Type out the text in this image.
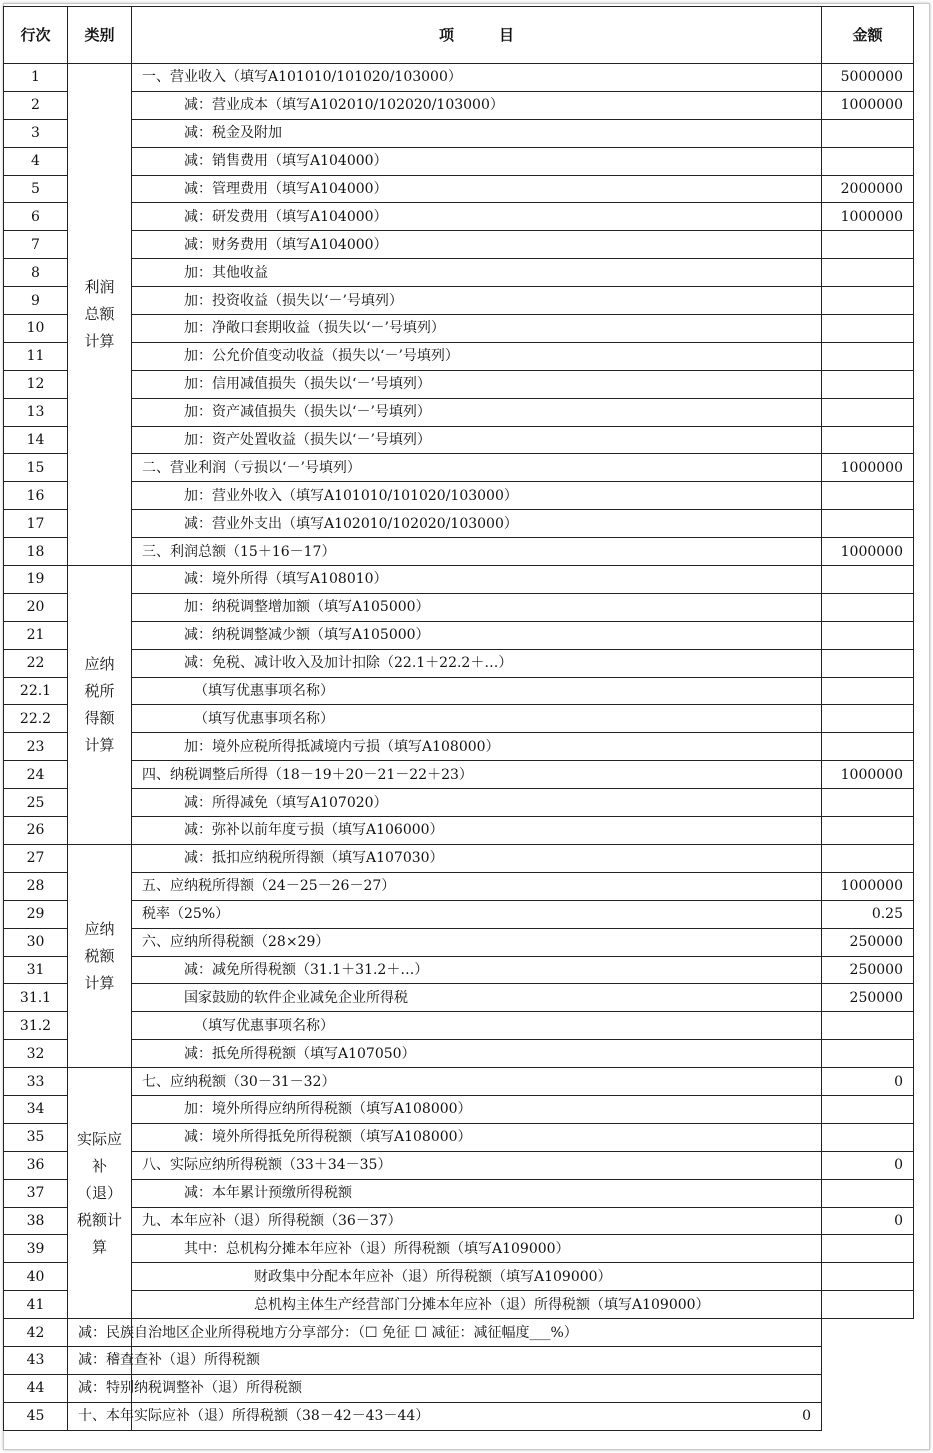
行次	类别	项　　　目	金额
1	利润总额计算	一、营业收入（填写A101010/101020/103000）	5000000
2		减：营业成本（填写A102010/102020/103000）	1000000
3		减：税金及附加	
4		减：销售费用（填写A104000）	
5		减：管理费用（填写A104000）	2000000
6		减：研发费用（填写A104000）	1000000
7		减：财务费用（填写A104000）	
8		加：其他收益	
9		加：投资收益（损失以‘－’号填列）	
10		加：净敞口套期收益（损失以‘－’号填列）	
11		加：公允价值变动收益（损失以‘－’号填列）	
12		加：信用减值损失（损失以‘－’号填列）	
13		加：资产减值损失（损失以‘－’号填列）	
14		加：资产处置收益（损失以‘－’号填列）	
15		二、营业利润（亏损以‘－’号填列）	1000000
16		加：营业外收入（填写A101010/101020/103000）	
17		减：营业外支出（填写A102010/102020/103000）	
18		三、利润总额（15＋16－17）	1000000
19	应纳税所得额计算	减：境外所得（填写A108010）	
20		加：纳税调整增加额（填写A105000）	
21		减：纳税调整减少额（填写A105000）	
22		减：免税、减计收入及加计扣除（22.1＋22.2＋…）	
22.1		（填写优惠事项名称）	
22.2		（填写优惠事项名称）	
23		加：境外应税所得抵减境内亏损（填写A108000）	
24		四、纳税调整后所得（18－19＋20－21－22＋23）	1000000
25		减：所得减免（填写A107020）	
26		减：弥补以前年度亏损（填写A106000）	
27	应纳税额计算	减：抵扣应纳税所得额（填写A107030）	
28		五、应纳税所得额（24－25－26－27）	1000000
29		税率（25%）	0.25
30		六、应纳所得税额（28×29）	250000
31		减：减免所得税额（31.1＋31.2＋…）	250000
31.1		国家鼓励的软件企业减免企业所得税	250000
31.2		（填写优惠事项名称）	
32		减：抵免所得税额（填写A107050）	
33	实际应补（退）税额计算	七、应纳税额（30－31－32）	0
34		加：境外所得应纳所得税额（填写A108000）	
35		减：境外所得抵免所得税额（填写A108000）	
36		八、实际应纳所得税额（33＋34－35）	0
37		减：本年累计预缴所得税额	
38		九、本年应补（退）所得税额（36－37）	0
39		其中：总机构分摊本年应补（退）所得税额（填写A109000）	
40		财政集中分配本年应补（退）所得税额（填写A109000）	
41		总机构主体生产经营部门分摊本年应补（退）所得税额（填写A109000）	
42	减：民族自治地区企业所得税地方分享部分：（☐ 免征 ☐ 减征：减征幅度___%）		
43	减：稽查查补（退）所得税额		
44	减：特别纳税调整补（退）所得税额		
45	十、本年实际应补（退）所得税额（38－42－43－44）	0	
